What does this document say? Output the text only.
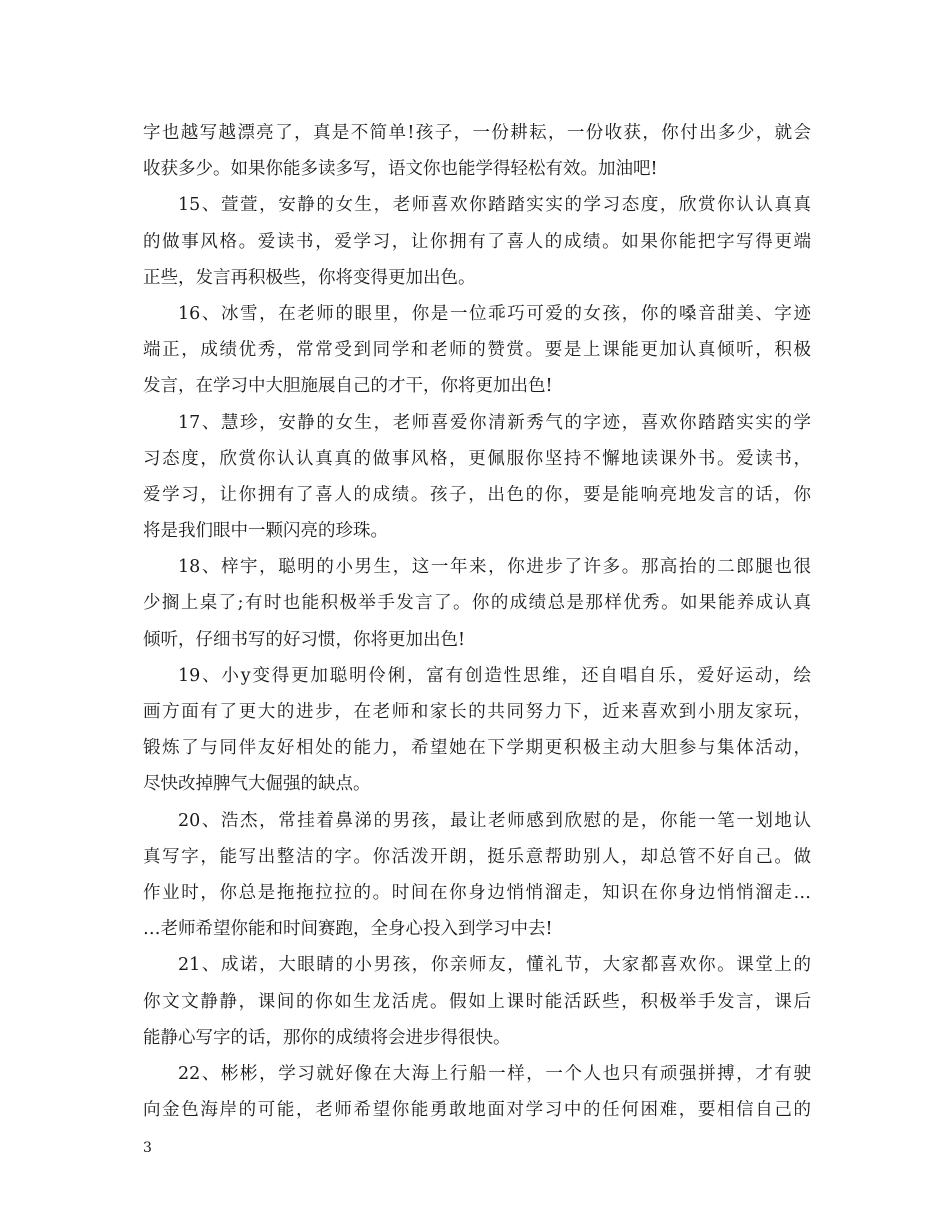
字也越写越漂亮了，真是不简单!孩子，一份耕耘，一份收获，你付出多少，就会
收获多少。如果你能多读多写，语文你也能学得轻松有效。加油吧!
15、萱萱，安静的女生，老师喜欢你踏踏实实的学习态度，欣赏你认认真真
的做事风格。爱读书，爱学习，让你拥有了喜人的成绩。如果你能把字写得更端
正些，发言再积极些，你将变得更加出色。
16、冰雪，在老师的眼里，你是一位乖巧可爱的女孩，你的嗓音甜美、字迹
端正，成绩优秀，常常受到同学和老师的赞赏。要是上课能更加认真倾听，积极
发言，在学习中大胆施展自己的才干，你将更加出色!
17、慧珍，安静的女生，老师喜爱你清新秀气的字迹，喜欢你踏踏实实的学
习态度，欣赏你认认真真的做事风格，更佩服你坚持不懈地读课外书。爱读书，
爱学习，让你拥有了喜人的成绩。孩子，出色的你，要是能响亮地发言的话，你
将是我们眼中一颗闪亮的珍珠。
18、梓宇，聪明的小男生，这一年来，你进步了许多。那高抬的二郎腿也很
少搁上桌了;有时也能积极举手发言了。你的成绩总是那样优秀。如果能养成认真
倾听，仔细书写的好习惯，你将更加出色!
19、小y变得更加聪明伶俐，富有创造性思维，还自唱自乐，爱好运动，绘
画方面有了更大的进步，在老师和家长的共同努力下，近来喜欢到小朋友家玩，
锻炼了与同伴友好相处的能力，希望她在下学期更积极主动大胆参与集体活动，
尽快改掉脾气大倔强的缺点。
20、浩杰，常挂着鼻涕的男孩，最让老师感到欣慰的是，你能一笔一划地认
真写字，能写出整洁的字。你活泼开朗，挺乐意帮助别人，却总管不好自己。做
作业时，你总是拖拖拉拉的。时间在你身边悄悄溜走，知识在你身边悄悄溜走…
…老师希望你能和时间赛跑，全身心投入到学习中去!
21、成诺，大眼睛的小男孩，你亲师友，懂礼节，大家都喜欢你。课堂上的
你文文静静，课间的你如生龙活虎。假如上课时能活跃些，积极举手发言，课后
能静心写字的话，那你的成绩将会进步得很快。
22、彬彬，学习就好像在大海上行船一样，一个人也只有顽强拼搏，才有驶
向金色海岸的可能，老师希望你能勇敢地面对学习中的任何困难，要相信自己的
3
